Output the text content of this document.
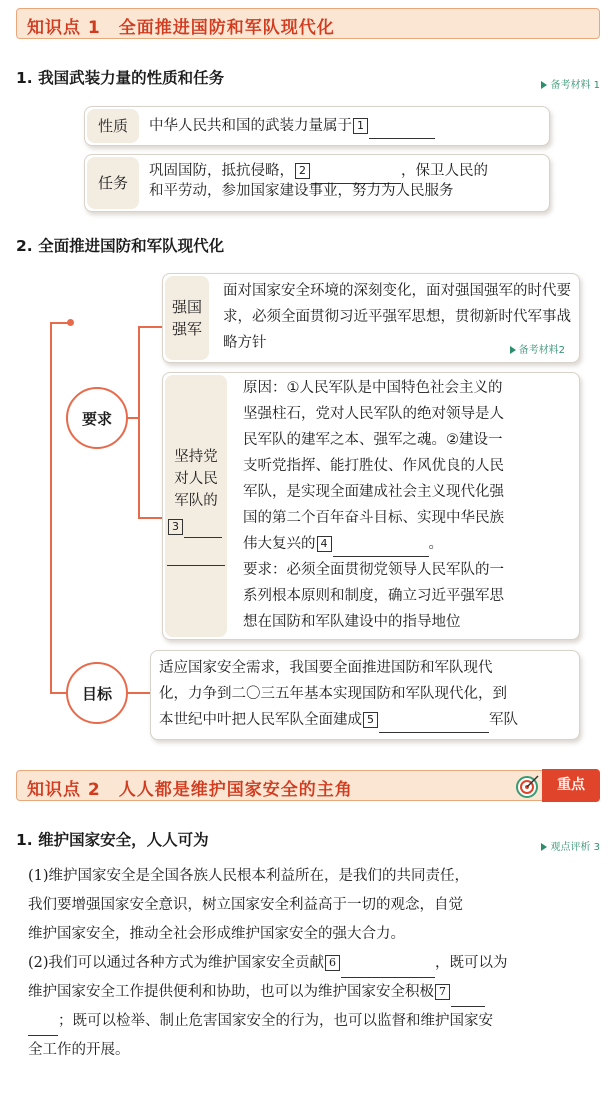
知识点 1　全面推进国防和军队现代化
1. 我国武装力量的性质和任务	备考材料 1
性质	中华人民共和国的武装力量属于 1
任务
巩固国防，抵抗侵略， 2	，保卫人民的
和平劳动，参加国家建设事业，努力为人民服务
2. 全面推进国防和军队现代化
要求
目标
强国
强军
面对国家安全环境的深刻变化，面对强国强军的时代要求，必须全面贯彻习近平强军思想，贯彻新时代军事战略方针	备考材料2
坚持党对人民军队的
3
原因：①人民军队是中国特色社会主义的
坚强柱石，党对人民军队的绝对领导是人
民军队的建军之本、强军之魂。②建设一
支听党指挥、能打胜仗、作风优良的人民
军队，是实现全面建成社会主义现代化强
国的第二个百年奋斗目标、实现中华民族
伟大复兴的 4	。
要求：必须全面贯彻党领导人民军队的一
系列根本原则和制度，确立习近平强军思
想在国防和军队建设中的指导地位
适应国家安全需求，我国要全面推进国防和军队现代
化，力争到二〇三五年基本实现国防和军队现代化，到
本世纪中叶把人民军队全面建成 5	军队
知识点 2　人人都是维护国家安全的主角	重点
1. 维护国家安全，人人可为	观点评析 3
(1)维护国家安全是全国各族人民根本利益所在，是我们的共同责任，
我们要增强国家安全意识，树立国家安全利益高于一切的观念，自觉
维护国家安全，推动全社会形成维护国家安全的强大合力。
(2)我们可以通过各种方式为维护国家安全贡献 6	，既可以为
维护国家安全工作提供便利和协助，也可以为维护国家安全积极 7
；既可以检举、制止危害国家安全的行为，也可以监督和维护国家安
全工作的开展。
